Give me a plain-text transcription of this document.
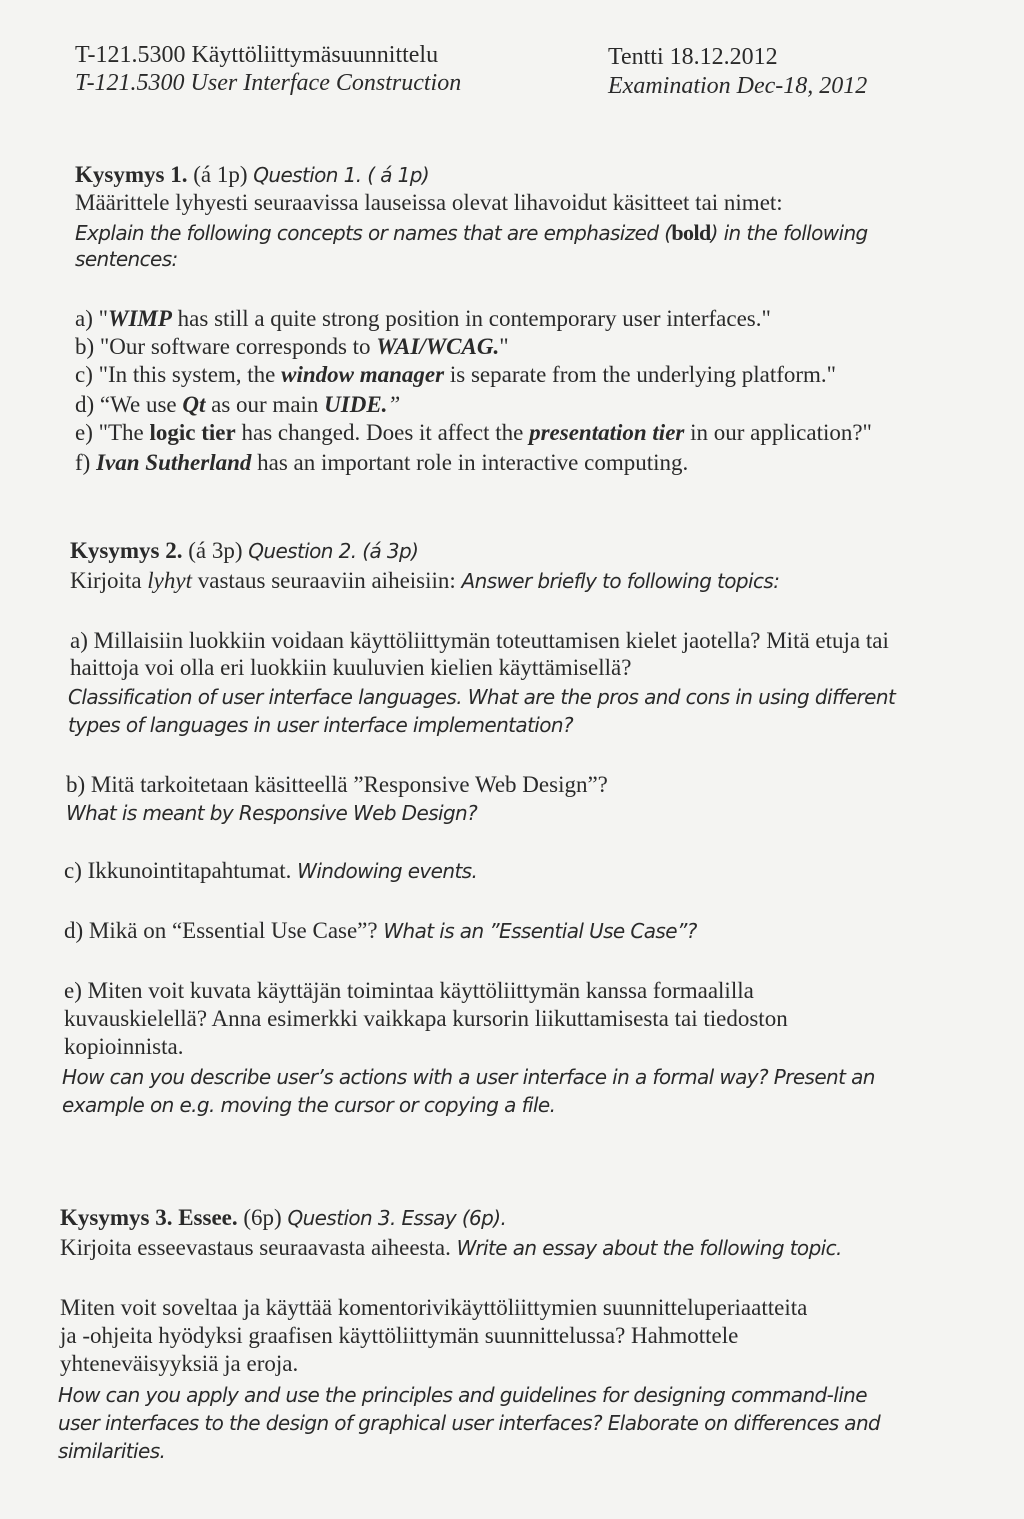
T-121.5300 Käyttöliittymäsuunnittelu
T-121.5300 User Interface Construction
Tentti 18.12.2012
Examination Dec-18, 2012
Kysymys 1. (á 1p) Question 1. ( á 1p)
Määrittele lyhyesti seuraavissa lauseissa olevat lihavoidut käsitteet tai nimet:
Explain the following concepts or names that are emphasized (bold) in the following
sentences:
a) "WIMP has still a quite strong position in contemporary user interfaces."
b) "Our software corresponds to WAI/WCAG."
c) "In this system, the window manager is separate from the underlying platform."
d) “We use Qt as our main UIDE.”
e) "The logic tier has changed. Does it affect the presentation tier in our application?"
f) Ivan Sutherland has an important role in interactive computing.
Kysymys 2. (á 3p) Question 2. (á 3p)
Kirjoita lyhyt vastaus seuraaviin aiheisiin: Answer briefly to following topics:
a) Millaisiin luokkiin voidaan käyttöliittymän toteuttamisen kielet jaotella? Mitä etuja tai
haittoja voi olla eri luokkiin kuuluvien kielien käyttämisellä?
Classification of user interface languages. What are the pros and cons in using different
types of languages in user interface implementation?
b) Mitä tarkoitetaan käsitteellä ”Responsive Web Design”?
What is meant by Responsive Web Design?
c) Ikkunointitapahtumat. Windowing events.
d) Mikä on “Essential Use Case”? What is an ”Essential Use Case”?
e) Miten voit kuvata käyttäjän toimintaa käyttöliittymän kanssa formaalilla
kuvauskielellä? Anna esimerkki vaikkapa kursorin liikuttamisesta tai tiedoston
kopioinnista.
How can you describe user’s actions with a user interface in a formal way? Present an
example on e.g. moving the cursor or copying a file.
Kysymys 3. Essee. (6p) Question 3. Essay (6p).
Kirjoita esseevastaus seuraavasta aiheesta. Write an essay about the following topic.
Miten voit soveltaa ja käyttää komentorivikäyttöliittymien suunnitteluperiaatteita
ja -ohjeita hyödyksi graafisen käyttöliittymän suunnittelussa? Hahmottele
yhteneväisyyksiä ja eroja.
How can you apply and use the principles and guidelines for designing command-line
user interfaces to the design of graphical user interfaces? Elaborate on differences and
similarities.
